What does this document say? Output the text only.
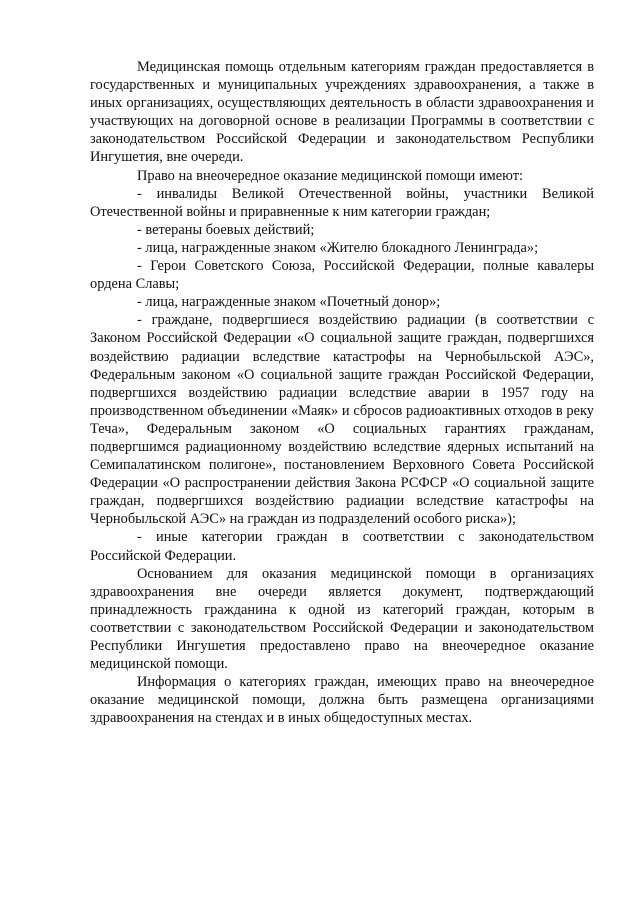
Медицинская помощь отдельным категориям граждан предоставляется в государственных и муниципальных учреждениях здравоохранения, а также в иных организациях, осуществляющих деятельность в области здравоохранения и участвующих на договорной основе в реализации Программы в соответствии с законодательством Российской Федерации и законодательством Республики Ингушетия, вне очереди.

Право на внеочередное оказание медицинской помощи имеют:

- инвалиды Великой Отечественной войны, участники Великой Отечественной войны и приравненные к ним категории граждан;
- ветераны боевых действий;
- лица, награжденные знаком «Жителю блокадного Ленинграда»;
- Герои Советского Союза, Российской Федерации, полные кавалеры ордена Славы;
- лица, награжденные знаком «Почетный донор»;
- граждане, подвергшиеся воздействию радиации (в соответствии с Законом Российской Федерации «О социальной защите граждан, подвергшихся воздействию радиации вследствие катастрофы на Чернобыльской АЭС», Федеральным законом «О социальной защите граждан Российской Федерации, подвергшихся воздействию радиации вследствие аварии в 1957 году на производственном объединении «Маяк» и сбросов радиоактивных отходов в реку Теча», Федеральным законом «О социальных гарантиях гражданам, подвергшимся радиационному воздействию вследствие ядерных испытаний на Семипалатинском полигоне», постановлением Верховного Совета Российской Федерации «О распространении действия Закона РСФСР «О социальной защите граждан, подвергшихся воздействию радиации вследствие катастрофы на Чернобыльской АЭС» на граждан из подразделений особого риска»);
- иные категории граждан в соответствии с законодательством Российской Федерации.

Основанием для оказания медицинской помощи в организациях здравоохранения вне очереди является документ, подтверждающий принадлежность гражданина к одной из категорий граждан, которым в соответствии с законодательством Российской Федерации и законодательством Республики Ингушетия предоставлено право на внеочередное оказание медицинской помощи.

Информация о категориях граждан, имеющих право на внеочередное оказание медицинской помощи, должна быть размещена организациями здравоохранения на стендах и в иных общедоступных местах.
